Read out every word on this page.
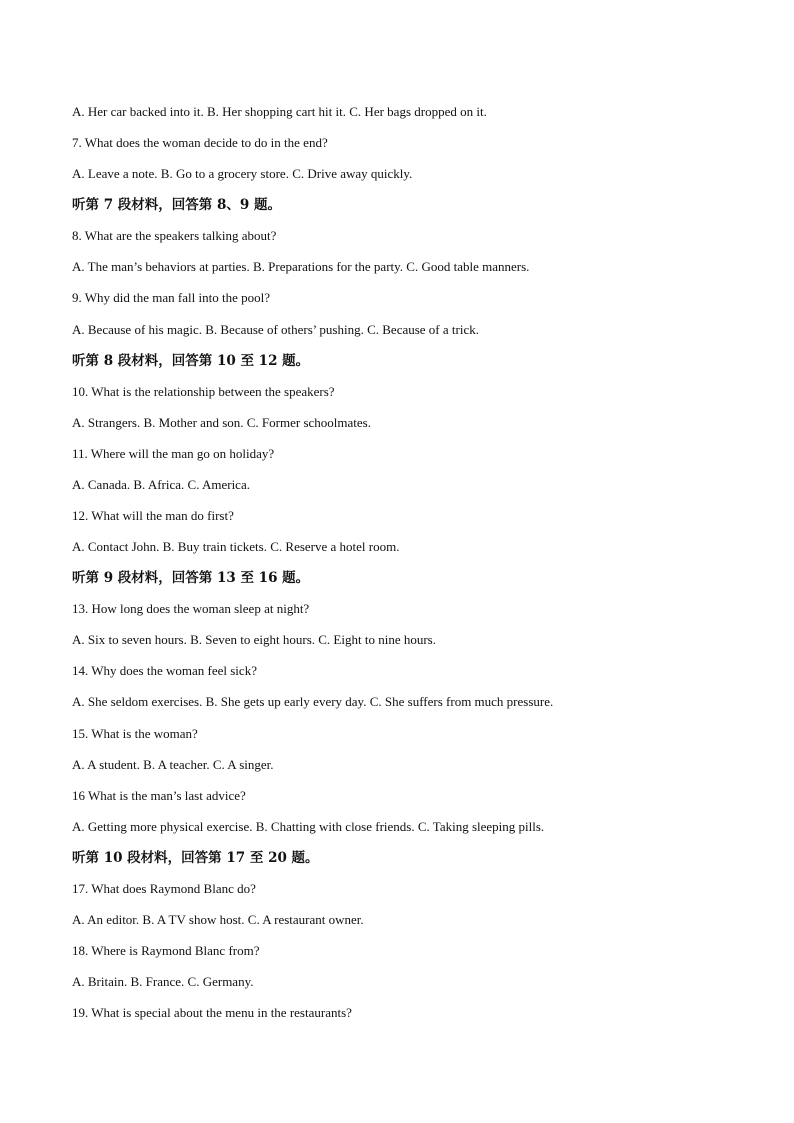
A. Her car backed into it. B. Her shopping cart hit it. C. Her bags dropped on it.
7. What does the woman decide to do in the end?
A. Leave a note. B. Go to a grocery store. C. Drive away quickly.
听第 7 段材料，回答第 8、9 题。
8. What are the speakers talking about?
A. The man’s behaviors at parties. B. Preparations for the party. C. Good table manners.
9. Why did the man fall into the pool?
A. Because of his magic. B. Because of others’ pushing. C. Because of a trick.
听第 8 段材料，回答第 10 至 12 题。
10. What is the relationship between the speakers?
A. Strangers. B. Mother and son. C. Former schoolmates.
11. Where will the man go on holiday?
A. Canada. B. Africa. C. America.
12. What will the man do first?
A. Contact John. B. Buy train tickets. C. Reserve a hotel room.
听第 9 段材料，回答第 13 至 16 题。
13. How long does the woman sleep at night?
A. Six to seven hours. B. Seven to eight hours. C. Eight to nine hours.
14. Why does the woman feel sick?
A. She seldom exercises. B. She gets up early every day. C. She suffers from much pressure.
15. What is the woman?
A. A student. B. A teacher. C. A singer.
16 What is the man’s last advice?
A. Getting more physical exercise. B. Chatting with close friends. C. Taking sleeping pills.
听第 10 段材料，回答第 17 至 20 题。
17. What does Raymond Blanc do?
A. An editor. B. A TV show host. C. A restaurant owner.
18. Where is Raymond Blanc from?
A. Britain. B. France. C. Germany.
19. What is special about the menu in the restaurants?
